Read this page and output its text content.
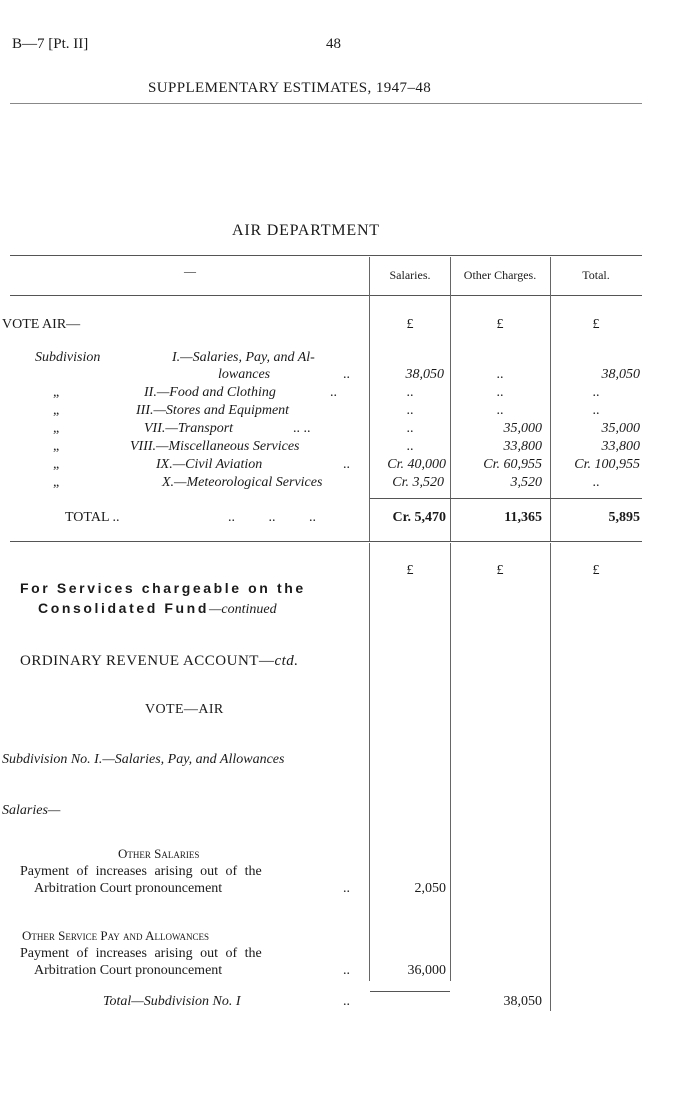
B—7 [Pt. II]	48
SUPPLEMENTARY ESTIMATES, 1947–48
AIR DEPARTMENT
—	Salaries.	Other Charges.	Total.
VOTE AIR—	£	£	£
Subdivision	I.—Salaries, Pay, and Al-
lowances	..	38,050	..	38,050
„	II.—Food and Clothing	..	..	..	..
„	III.—Stores and Equipment	..	..	..
„	VII.—Transport	.. ..	..	35,000	35,000
„	VIII.—Miscellaneous Services	..	33,800	33,800
„	IX.—Civil Aviation	..	Cr. 40,000	Cr. 60,955	Cr. 100,955
„	X.—Meteorological Services	Cr. 3,520	3,520	..
TOTAL ..	.. .. ..	Cr. 5,470	11,365	5,895
£	£	£
For Services chargeable on the
Consolidated Fund—continued
ORDINARY REVENUE ACCOUNT—ctd.
VOTE—AIR
Subdivision No. I.—Salaries, Pay, and Allowances
Salaries—
Other Salaries
Payment of increases arising out of the
Arbitration Court pronouncement	..	2,050
Other Service Pay and Allowances
Payment of increases arising out of the
Arbitration Court pronouncement	..	36,000
Total—Subdivision No. I	..	38,050
